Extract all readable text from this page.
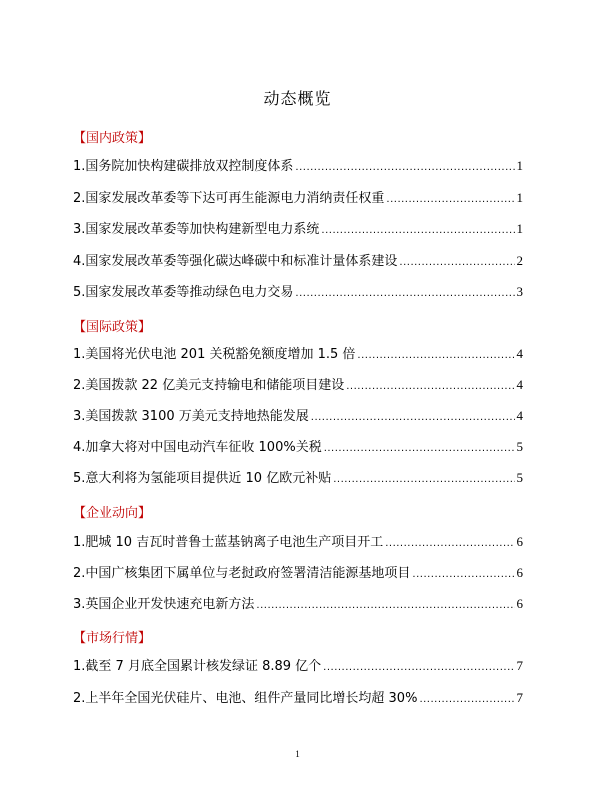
动态概览
【国内政策】
1.国务院加快构建碳排放双控制度体系 .....	1
2.国家发展改革委等下达可再生能源电力消纳责任权重 .....	1
3.国家发展改革委等加快构建新型电力系统 .....	1
4.国家发展改革委等强化碳达峰碳中和标准计量体系建设 .....	2
5.国家发展改革委等推动绿色电力交易 .....	3
【国际政策】
1.美国将光伏电池 201 关税豁免额度增加 1.5 倍 .....	4
2.美国拨款 22 亿美元支持输电和储能项目建设 .....	4
3.美国拨款 3100 万美元支持地热能发展 .....	4
4.加拿大将对中国电动汽车征收 100%关税 .....	5
5.意大利将为氢能项目提供近 10 亿欧元补贴 .....	5
【企业动向】
1.肥城 10 吉瓦时普鲁士蓝基钠离子电池生产项目开工 .....	6
2.中国广核集团下属单位与老挝政府签署清洁能源基地项目 .....	6
3.英国企业开发快速充电新方法 .....	6
【市场行情】
1.截至 7 月底全国累计核发绿证 8.89 亿个 .....	7
2.上半年全国光伏硅片、电池、组件产量同比增长均超 30% .....	7
1
